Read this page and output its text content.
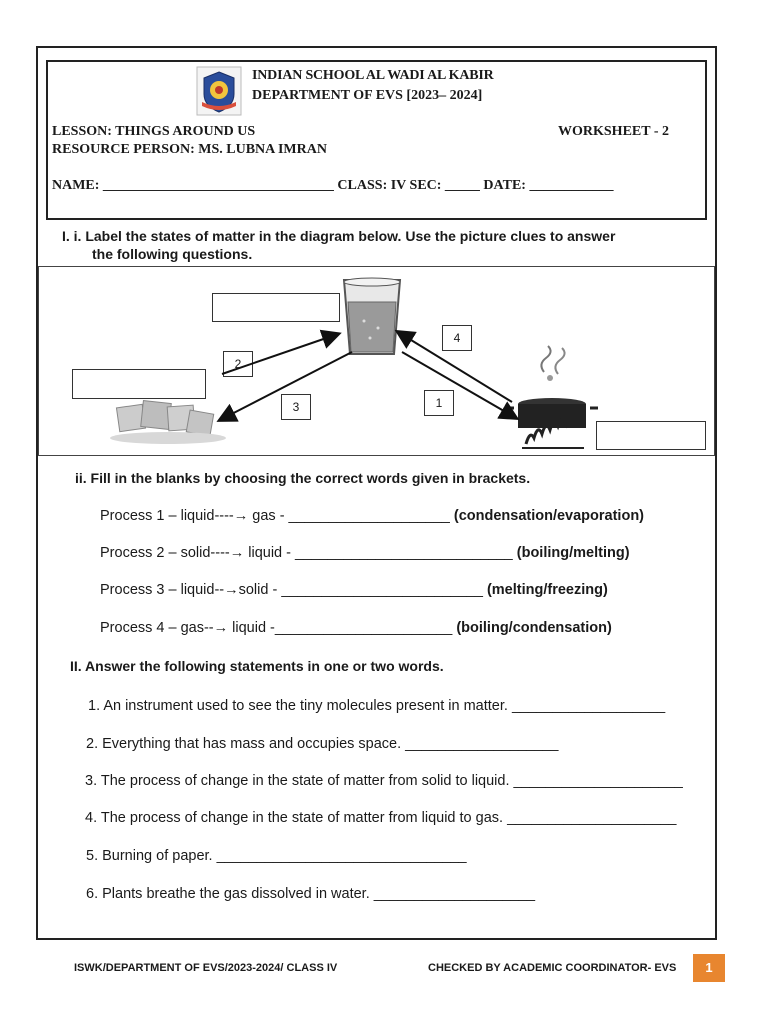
INDIAN SCHOOL AL WADI AL KABIR
DEPARTMENT OF EVS [2023– 2024]
LESSON: THINGS AROUND US	WORKSHEET - 2
RESOURCE PERSON: MS. LUBNA IMRAN
NAME: _________________________________ CLASS: IV SEC: _____ DATE: ____________
I. i. Label the states of matter in the diagram below. Use the picture clues to answer
the following questions.
4
2
3	1
ii. Fill in the blanks by choosing the correct words given in brackets.
Process 1 – liquid----→ gas - ____________________ (condensation/evaporation)
Process 2 – solid----→ liquid - ___________________________ (boiling/melting)
Process 3 – liquid--→solid - _________________________ (melting/freezing)
Process 4 – gas--→ liquid -______________________ (boiling/condensation)
II. Answer the following statements in one or two words.
1. An instrument used to see the tiny molecules present in matter. ___________________
2. Everything that has mass and occupies space. ___________________
3. The process of change in the state of matter from solid to liquid. _____________________
4. The process of change in the state of matter from liquid to gas. _____________________
5. Burning of paper. _______________________________
6. Plants breathe the gas dissolved in water. ____________________
ISWK/DEPARTMENT OF EVS/2023-2024/ CLASS IV	CHECKED BY ACADEMIC COORDINATOR- EVS	1
